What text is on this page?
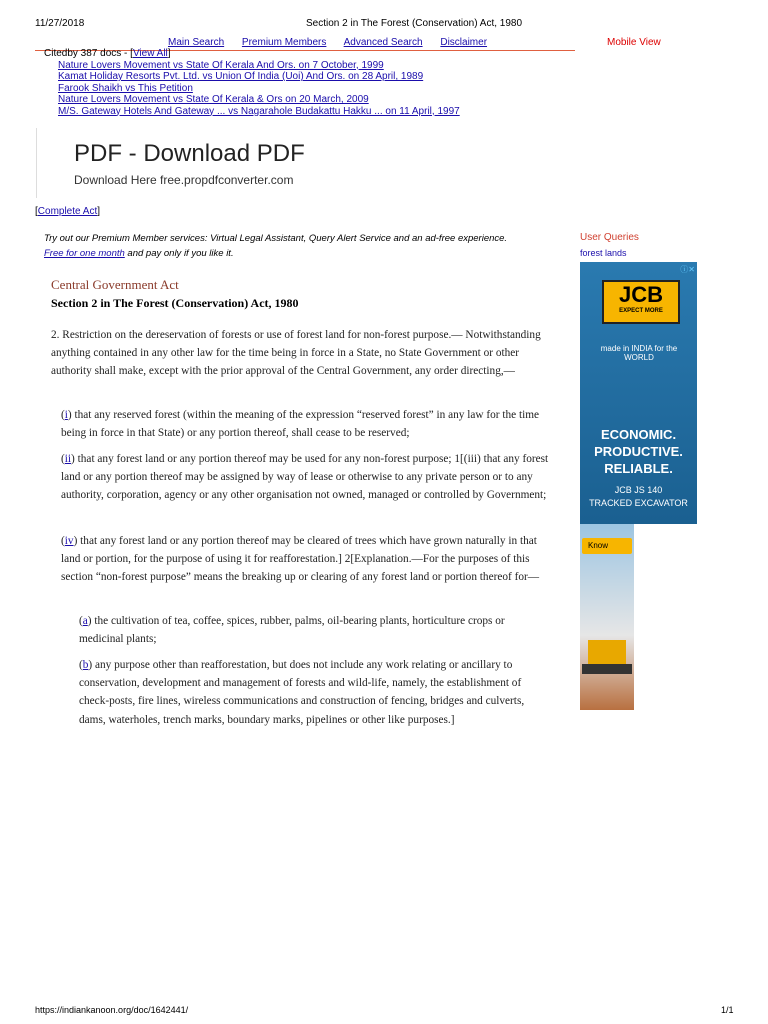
11/27/2018	Section 2 in The Forest (Conservation) Act, 1980
Main Search Premium Members Advanced Search Disclaimer	Mobile View
Citedby 387 docs - [View All]
Nature Lovers Movement vs State Of Kerala And Ors. on 7 October, 1999
Kamat Holiday Resorts Pvt. Ltd. vs Union Of India (Uoi) And Ors. on 28 April, 1989
Farook Shaikh vs This Petition
Nature Lovers Movement vs State Of Kerala & Ors on 20 March, 2009
M/S. Gateway Hotels And Gateway ... vs Nagarahole Budakattu Hakku ... on 11 April, 1997
PDF - Download PDF
Download Here free.propdfconverter.com
[Complete Act]
Try out our Premium Member services: Virtual Legal Assistant, Query Alert Service and an ad-free experience.
Free for one month and pay only if you like it.
User Queries
forest lands
ⓘ✕
JCB
EXPECT MORE
made in INDIA for the WORLD
ECONOMIC.
PRODUCTIVE.
RELIABLE.
JCB JS 140
TRACKED EXCAVATOR
Know
Central Government Act
Section 2 in The Forest (Conservation) Act, 1980
2. Restriction on the dereservation of forests or use of forest land for non-forest purpose.— Notwithstanding anything contained in any other law for the time being in force in a State, no State Government or other authority shall make, except with the prior approval of the Central Government, any order directing,—
(i) that any reserved forest (within the meaning of the expression “reserved forest” in any law for the time being in force in that State) or any portion thereof, shall cease to be reserved;
(ii) that any forest land or any portion thereof may be used for any non-forest purpose; 1[(iii) that any forest land or any portion thereof may be assigned by way of lease or otherwise to any private person or to any authority, corporation, agency or any other organisation not owned, managed or controlled by Government;
(iv) that any forest land or any portion thereof may be cleared of trees which have grown naturally in that land or portion, for the purpose of using it for reafforestation.] 2[Explanation.—For the purposes of this section “non-forest purpose” means the breaking up or clearing of any forest land or portion thereof for—
(a) the cultivation of tea, coffee, spices, rubber, palms, oil-bearing plants, horticulture crops or medicinal plants;
(b) any purpose other than reafforestation, but does not include any work relating or ancillary to conservation, development and management of forests and wild-life, namely, the establishment of check-posts, fire lines, wireless communications and construction of fencing, bridges and culverts, dams, waterholes, trench marks, boundary marks, pipelines or other like purposes.]
https://indiankanoon.org/doc/1642441/	1/1
